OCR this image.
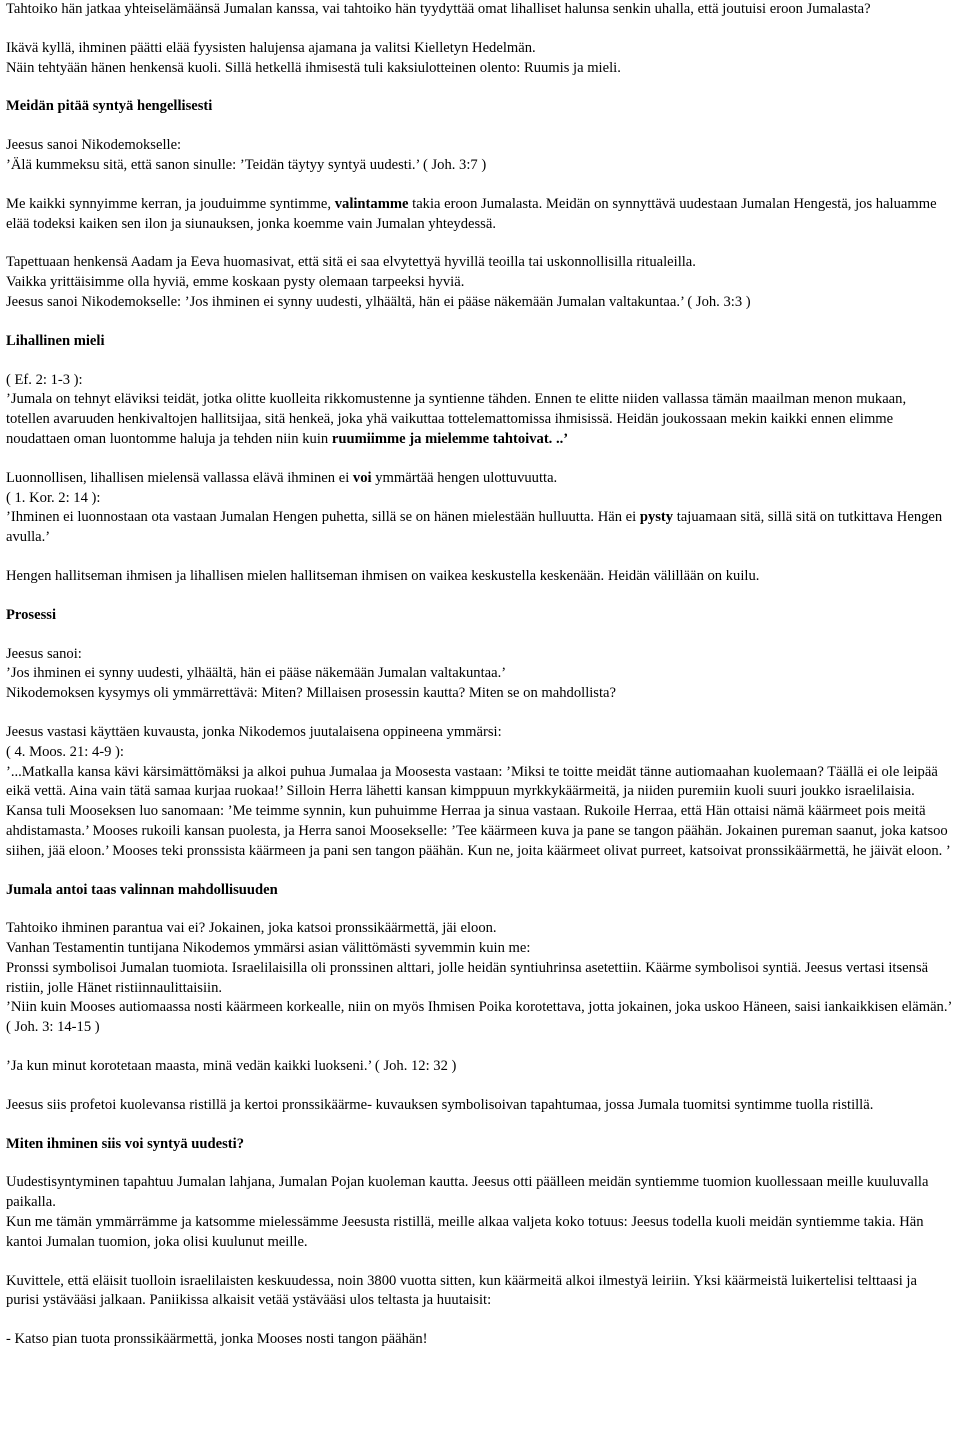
Tahtoiko hän jatkaa yhteiselämäänsä Jumalan kanssa, vai tahtoiko hän tyydyttää omat lihalliset halunsa senkin uhalla, että joutuisi eroon Jumalasta?

Ikävä kyllä, ihminen päätti elää fyysisten halujensa ajamana ja valitsi Kielletyn Hedelmän.

Näin tehtyään hänen henkensä kuoli. Sillä hetkellä ihmisestä tuli kaksiulotteinen olento: Ruumis ja mieli.

Meidän pitää syntyä hengellisesti

Jeesus sanoi Nikodemokselle:

’Älä kummeksu sitä, että sanon sinulle: ’Teidän täytyy syntyä uudesti.’ ( Joh. 3:7 )

Me kaikki synnyimme kerran, ja jouduimme syntimme, valintamme takia eroon Jumalasta. Meidän on synnyttävä uudestaan Jumalan Hengestä, jos haluamme elää todeksi kaiken sen ilon ja siunauksen, jonka koemme vain Jumalan yhteydessä.

Tapettuaan henkensä Aadam ja Eeva huomasivat, että sitä ei saa elvytettyä hyvillä teoilla tai uskonnollisilla ritualeilla.

Vaikka yrittäisimme olla hyviä, emme koskaan pysty olemaan tarpeeksi hyviä.

Jeesus sanoi Nikodemokselle: ’Jos ihminen ei synny uudesti, ylhäältä, hän ei pääse näkemään Jumalan valtakuntaa.’ ( Joh. 3:3 )

Lihallinen mieli

( Ef. 2: 1-3 ):

’Jumala on tehnyt eläviksi teidät, jotka olitte kuolleita rikkomustenne ja syntienne tähden. Ennen te elitte niiden vallassa tämän maailman menon mukaan, totellen avaruuden henkivaltojen hallitsijaa, sitä henkeä, joka yhä vaikuttaa tottelemattomissa ihmisissä. Heidän joukossaan mekin kaikki ennen elimme noudattaen oman luontomme haluja ja tehden niin kuin ruumiimme ja mielemme tahtoivat. ..’

Luonnollisen, lihallisen mielensä vallassa elävä ihminen ei voi ymmärtää hengen ulottuvuutta.

( 1. Kor. 2: 14 ):

’Ihminen ei luonnostaan ota vastaan Jumalan Hengen puhetta, sillä se on hänen mielestään hulluutta. Hän ei pysty tajuamaan sitä, sillä sitä on tutkittava Hengen avulla.’

Hengen hallitseman ihmisen ja lihallisen mielen hallitseman ihmisen on vaikea keskustella keskenään. Heidän välillään on kuilu.

Prosessi

Jeesus sanoi:

’Jos ihminen ei synny uudesti, ylhäältä, hän ei pääse näkemään Jumalan valtakuntaa.’

Nikodemoksen kysymys oli ymmärrettävä: Miten? Millaisen prosessin kautta? Miten se on mahdollista?

Jeesus vastasi käyttäen kuvausta, jonka Nikodemos juutalaisena oppineena ymmärsi:

( 4. Moos. 21: 4-9 ):

’...Matkalla kansa kävi kärsimättömäksi ja alkoi puhua Jumalaa ja Moosesta vastaan: ’Miksi te toitte meidät tänne autiomaahan kuolemaan? Täällä ei ole leipää eikä vettä. Aina vain tätä samaa kurjaa ruokaa!’ Silloin Herra lähetti kansan kimppuun myrkkykäärmeitä, ja niiden puremiin kuoli suuri joukko israelilaisia. Kansa tuli Mooseksen luo sanomaan: ’Me teimme synnin, kun puhuimme Herraa ja sinua vastaan. Rukoile Herraa, että Hän ottaisi nämä käärmeet pois meitä ahdistamasta.’ Mooses rukoili kansan puolesta, ja Herra sanoi Moosekselle: ’Tee käärmeen kuva ja pane se tangon päähän. Jokainen pureman saanut, joka katsoo siihen, jää eloon.’ Mooses teki pronssista käärmeen ja pani sen tangon päähän. Kun ne, joita käärmeet olivat purreet, katsoivat pronssikäärmettä, he jäivät eloon. ’

Jumala antoi taas valinnan mahdollisuuden

Tahtoiko ihminen parantua vai ei? Jokainen, joka katsoi pronssikäärmettä, jäi eloon.

Vanhan Testamentin tuntijana Nikodemos ymmärsi asian välittömästi syvemmin kuin me:

Pronssi symbolisoi Jumalan tuomiota. Israelilaisilla oli pronssinen alttari, jolle heidän syntiuhrinsa asetettiin. Käärme symbolisoi syntiä. Jeesus vertasi itsensä ristiin, jolle Hänet ristiinnaulittaisiin.

’Niin kuin Mooses autiomaassa nosti käärmeen korkealle, niin on myös Ihmisen Poika korotettava, jotta jokainen, joka uskoo Häneen, saisi iankaikkisen elämän.’ ( Joh. 3: 14-15 )

’Ja kun minut korotetaan maasta, minä vedän kaikki luokseni.’ ( Joh. 12: 32 )

Jeesus siis profetoi kuolevansa ristillä ja kertoi pronssikäärme- kuvauksen symbolisoivan tapahtumaa, jossa Jumala tuomitsi syntimme tuolla ristillä.

Miten ihminen siis voi syntyä uudesti?

Uudestisyntyminen tapahtuu Jumalan lahjana, Jumalan Pojan kuoleman kautta. Jeesus otti päälleen meidän syntiemme tuomion kuollessaan meille kuuluvalla paikalla.

Kun me tämän ymmärrämme ja katsomme mielessämme Jeesusta ristillä, meille alkaa valjeta koko totuus: Jeesus todella kuoli meidän syntiemme takia. Hän kantoi Jumalan tuomion, joka olisi kuulunut meille.

Kuvittele, että eläisit tuolloin israelilaisten keskuudessa, noin 3800 vuotta sitten, kun käärmeitä alkoi ilmestyä leiriin. Yksi käärmeistä luikertelisi telttaasi ja purisi ystävääsi jalkaan. Paniikissa alkaisit vetää ystävääsi ulos teltasta ja huutaisit:

- Katso pian tuota pronssikäärmettä, jonka Mooses nosti tangon päähän!
